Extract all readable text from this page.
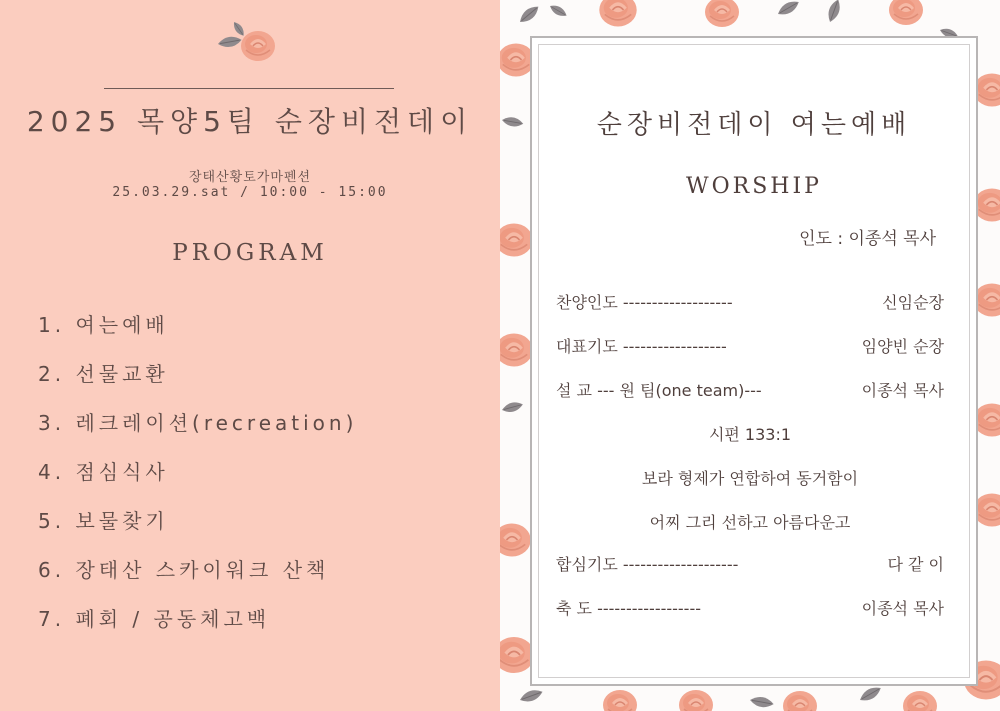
2025 목양5팀 순장비전데이
장태산황토가마펜션
25.03.29.sat / 10:00 - 15:00
PROGRAM
1. 여는예배
2. 선물교환
3. 레크레이션(recreation)
4. 점심식사
5. 보물찾기
6. 장태산 스카이워크 산책
7. 폐회 / 공동체고백
순장비전데이 여는예배
WORSHIP
인도 : 이종석 목사
찬양인도 -------------------	신임순장
대표기도 ------------------	임양빈 순장
설 교 --- 원 팀(one team)---	이종석 목사
시편 133:1
보라 형제가 연합하여 동거함이
어찌 그리 선하고 아름다운고
합심기도 --------------------	다 같 이
축 도 ------------------	이종석 목사
